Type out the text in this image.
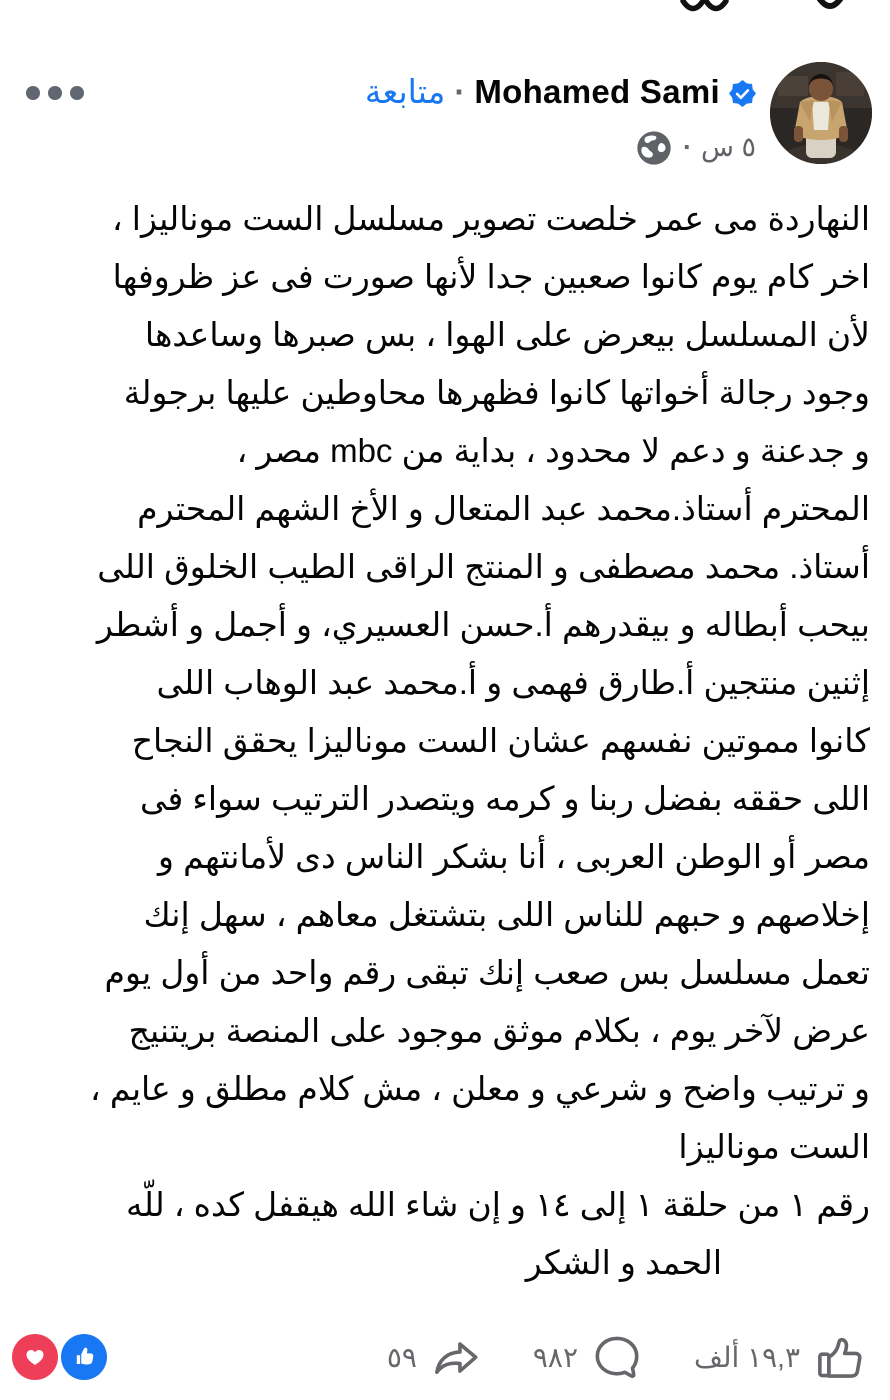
Mohamed Sami
·
متابعة
٥ س
·
النهاردة مى عمر خلصت تصوير مسلسل الست موناليزا ،
اخر كام يوم كانوا صعبين جدا لأنها صورت فى عز ظروفها
لأن المسلسل بيعرض على الهوا ، بس صبرها وساعدها
وجود رجالة أخواتها كانوا فظهرها محاوطين عليها برجولة
و جدعنة و دعم لا محدود ، بداية من mbc مصر ،
المحترم أستاذ.محمد عبد المتعال و الأخ الشهم المحترم
أستاذ. محمد مصطفى و المنتج الراقى الطيب الخلوق اللى
بيحب أبطاله و بيقدرهم أ.حسن العسيري، و أجمل و أشطر
إثنين منتجين أ.طارق فهمى و أ.محمد عبد الوهاب اللى
كانوا مموتين نفسهم عشان الست موناليزا يحقق النجاح
اللى حققه بفضل ربنا و كرمه ويتصدر الترتيب سواء فى
مصر أو الوطن العربى ، أنا بشكر الناس دى لأمانتهم و
إخلاصهم و حبهم للناس اللى بتشتغل معاهم ، سهل إنك
تعمل مسلسل بس صعب إنك تبقى رقم واحد من أول يوم
عرض لآخر يوم ، بكلام موثق موجود على المنصة بريتنيج
و ترتيب واضح و شرعي و معلن ، مش كلام مطلق و عايم ،
الست موناليزا
رقم ١ من حلقة ١ إلى ١٤ و إن شاء الله هيقفل كده ، للّه
الحمد و الشكر
١٩,٣ ألف
٩٨٢
٥٩
